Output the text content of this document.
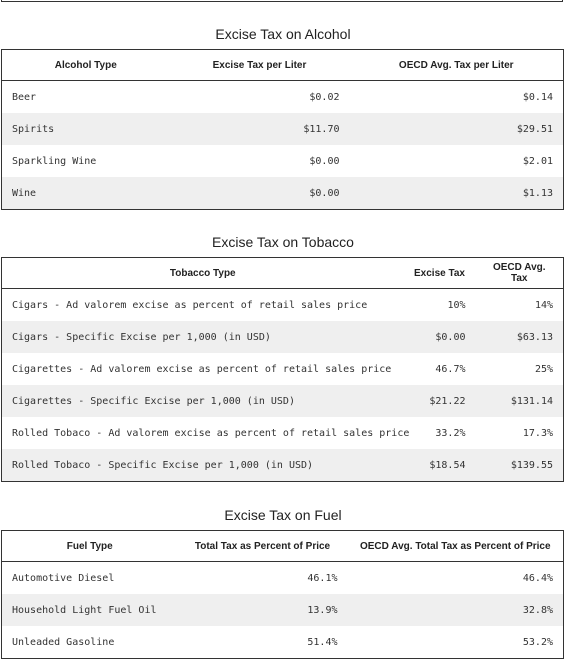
Excise Tax on Alcohol
Alcohol Type	Excise Tax per Liter	OECD Avg. Tax per Liter
Beer	$0.02	$0.14
Spirits	$11.70	$29.51
Sparkling Wine	$0.00	$2.01
Wine	$0.00	$1.13
Excise Tax on Tobacco
Tobacco Type	Excise Tax	OECD Avg. Tax
Cigars - Ad valorem excise as percent of retail sales price	10%	14%
Cigars - Specific Excise per 1,000 (in USD)	$0.00	$63.13
Cigarettes - Ad valorem excise as percent of retail sales price	46.7%	25%
Cigarettes - Specific Excise per 1,000 (in USD)	$21.22	$131.14
Rolled Tobaco - Ad valorem excise as percent of retail sales price	33.2%	17.3%
Rolled Tobaco - Specific Excise per 1,000 (in USD)	$18.54	$139.55
Excise Tax on Fuel
Fuel Type	Total Tax as Percent of Price	OECD Avg. Total Tax as Percent of Price
Automotive Diesel	46.1%	46.4%
Household Light Fuel Oil	13.9%	32.8%
Unleaded Gasoline	51.4%	53.2%
